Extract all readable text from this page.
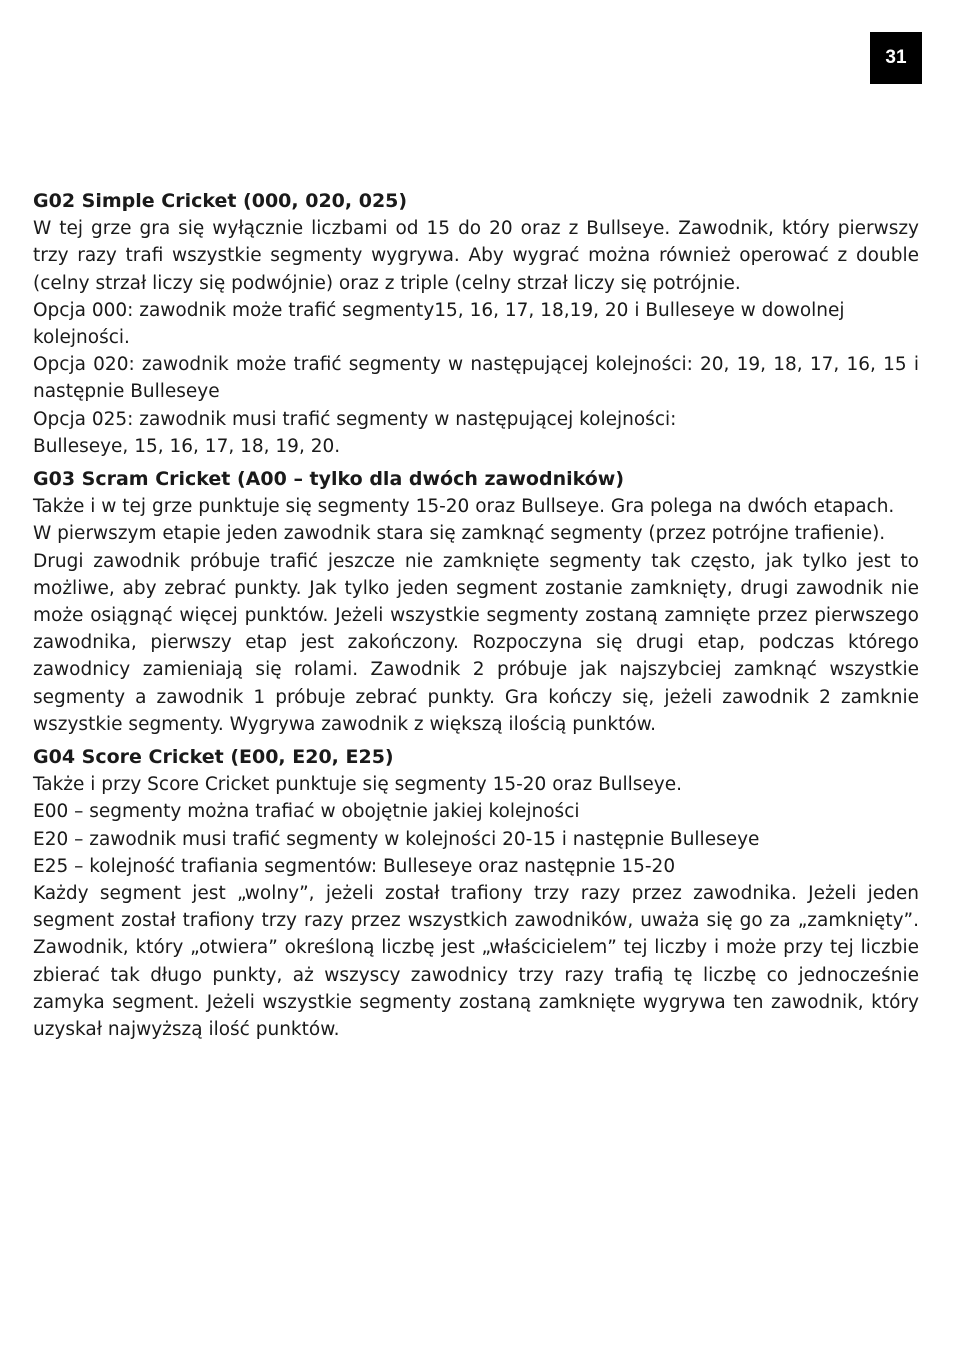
31
G02 Simple Cricket (000, 020, 025)
W tej grze gra się wyłącznie liczbami od 15 do 20 oraz z Bullseye. Zawodnik, który pierwszy trzy razy trafi wszystkie segmenty wygrywa. Aby wygrać można również operować z double (celny strzał liczy się podwójnie) oraz z triple (celny strzał liczy się potrójnie.
Opcja 000: zawodnik może trafić segmenty15, 16, 17, 18,19, 20 i Bulleseye w dowolnej kolejności.
Opcja 020: zawodnik może trafić segmenty w następującej kolejności: 20, 19, 18, 17, 16, 15 i następnie Bulleseye
Opcja 025: zawodnik musi trafić segmenty w następującej kolejności:
Bulleseye, 15, 16, 17, 18, 19, 20.
G03 Scram Cricket (A00 – tylko dla dwóch zawodników)
Także i w tej grze punktuje się segmenty 15-20 oraz Bullseye. Gra polega na dwóch etapach.
W pierwszym etapie jeden zawodnik stara się zamknąć segmenty (przez potrójne trafienie).
Drugi zawodnik próbuje trafić jeszcze nie zamknięte segmenty tak często, jak tylko jest to możliwe, aby zebrać punkty. Jak tylko jeden segment zostanie zamknięty, drugi zawodnik nie może osiągnąć więcej punktów. Jeżeli wszystkie segmenty zostaną zamnięte przez pierwszego zawodnika, pierwszy etap jest zakończony. Rozpoczyna się drugi etap, podczas którego zawodnicy zamieniają się rolami. Zawodnik 2 próbuje jak najszybciej zamknąć wszystkie segmenty a zawodnik 1 próbuje zebrać punkty. Gra kończy się, jeżeli zawodnik 2 zamknie wszystkie segmenty. Wygrywa zawodnik z większą ilością punktów.
G04 Score Cricket (E00, E20, E25)
Także i przy Score Cricket punktuje się segmenty 15-20 oraz Bullseye.
E00 – segmenty można trafiać w obojętnie jakiej kolejności
E20 – zawodnik musi trafić segmenty w kolejności 20-15 i następnie Bulleseye
E25 – kolejność trafiania segmentów: Bulleseye oraz następnie 15-20
Każdy segment jest „wolny”, jeżeli został trafiony trzy razy przez zawodnika. Jeżeli jeden segment został trafiony trzy razy przez wszystkich zawodników, uważa się go za „zamknięty”. Zawodnik, który „otwiera” określoną liczbę jest „właścicielem” tej liczby i może przy tej liczbie zbierać tak długo punkty, aż wszyscy zawodnicy trzy razy trafią tę liczbę co jednocześnie zamyka segment. Jeżeli wszystkie segmenty zostaną zamknięte wygrywa ten zawodnik, który uzyskał najwyższą ilość punktów.
